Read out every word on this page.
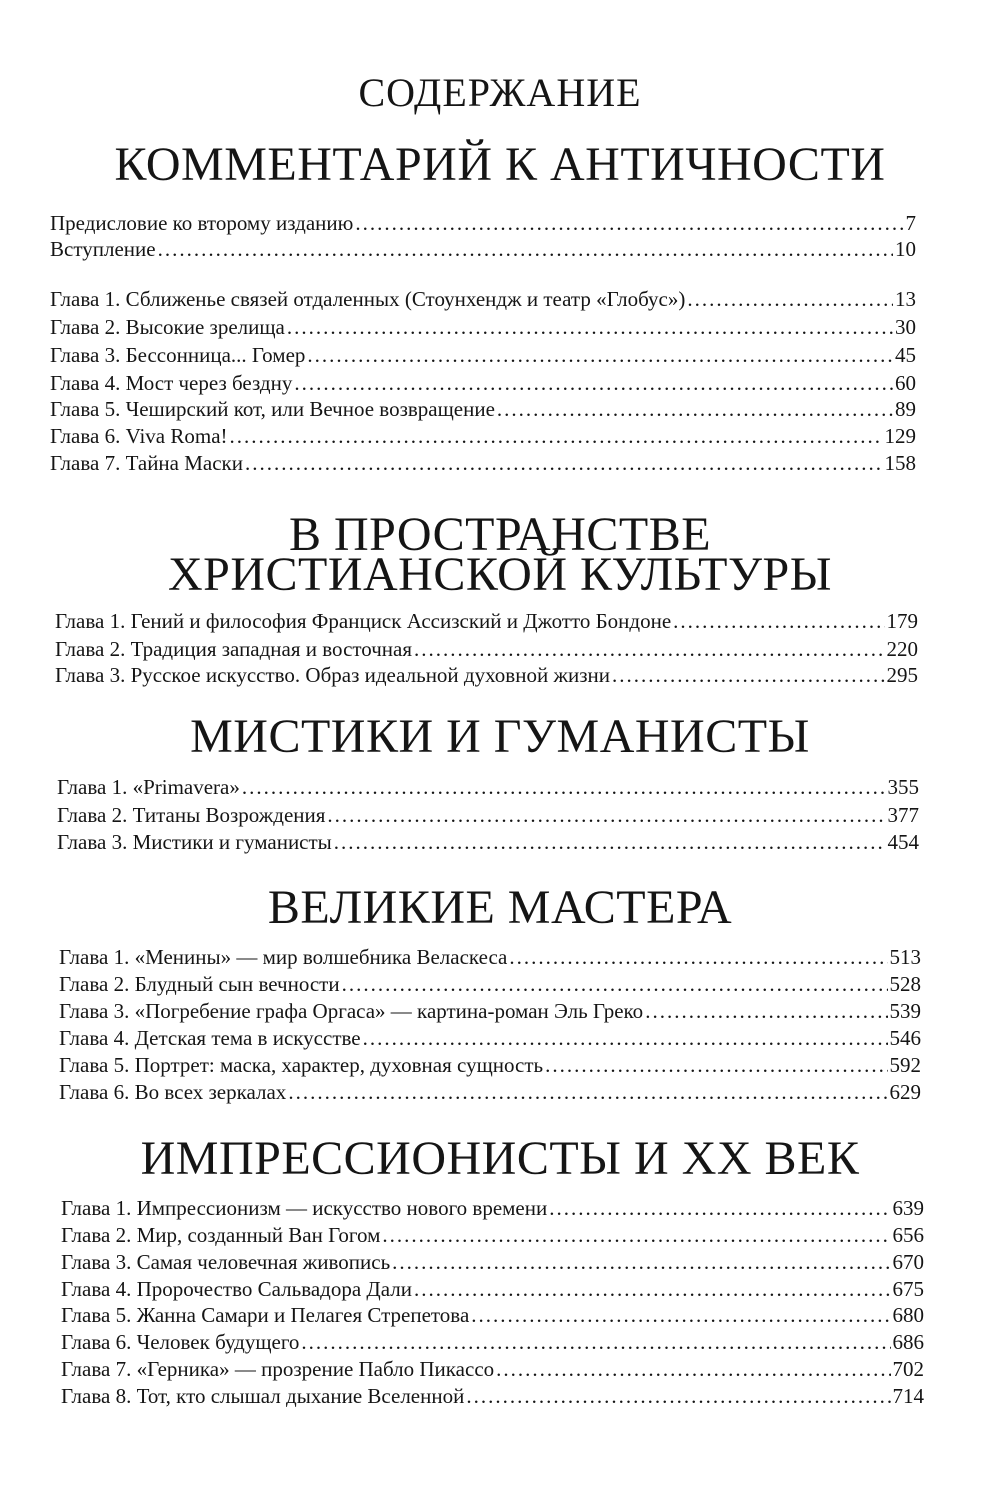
СОДЕРЖАНИЕ
КОММЕНТАРИЙ К АНТИЧНОСТИ
Предисловие ко второму изданию .....	7
Вступление .....	10
Глава 1. Сближенье связей отдаленных (Стоунхендж и театр «Глобус») .....	13
Глава 2. Высокие зрелища .....	30
Глава 3. Бессонница... Гомер .....	45
Глава 4. Мост через бездну .....	60
Глава 5. Чеширский кот, или Вечное возвращение .....	89
Глава 6. Viva Roma! .....	129
Глава 7. Тайна Маски .....	158
В ПРОСТРАНСТВЕ
ХРИСТИАНСКОЙ КУЛЬТУРЫ
Глава 1. Гений и философия Франциск Ассизский и Джотто Бондоне .....	179
Глава 2. Традиция западная и восточная .....	220
Глава 3. Русское искусство. Образ идеальной духовной жизни .....	295
МИСТИКИ И ГУМАНИСТЫ
Глава 1. «Primavera» .....	355
Глава 2. Титаны Возрождения .....	377
Глава 3. Мистики и гуманисты .....	454
ВЕЛИКИЕ МАСТЕРА
Глава 1. «Менины» — мир волшебника Веласкеса .....	513
Глава 2. Блудный сын вечности .....	528
Глава 3. «Погребение графа Оргаса» — картина-роман Эль Греко .....	539
Глава 4. Детская тема в искусстве .....	546
Глава 5. Портрет: маска, характер, духовная сущность .....	592
Глава 6. Во всех зеркалах .....	629
ИМПРЕССИОНИСТЫ И XX ВЕК
Глава 1. Импрессионизм — искусство нового времени .....	639
Глава 2. Мир, созданный Ван Гогом .....	656
Глава 3. Самая человечная живопись .....	670
Глава 4. Пророчество Сальвадора Дали .....	675
Глава 5. Жанна Самари и Пелагея Стрепетова .....	680
Глава 6. Человек будущего .....	686
Глава 7. «Герника» — прозрение Пабло Пикассо .....	702
Глава 8. Тот, кто слышал дыхание Вселенной .....	714
